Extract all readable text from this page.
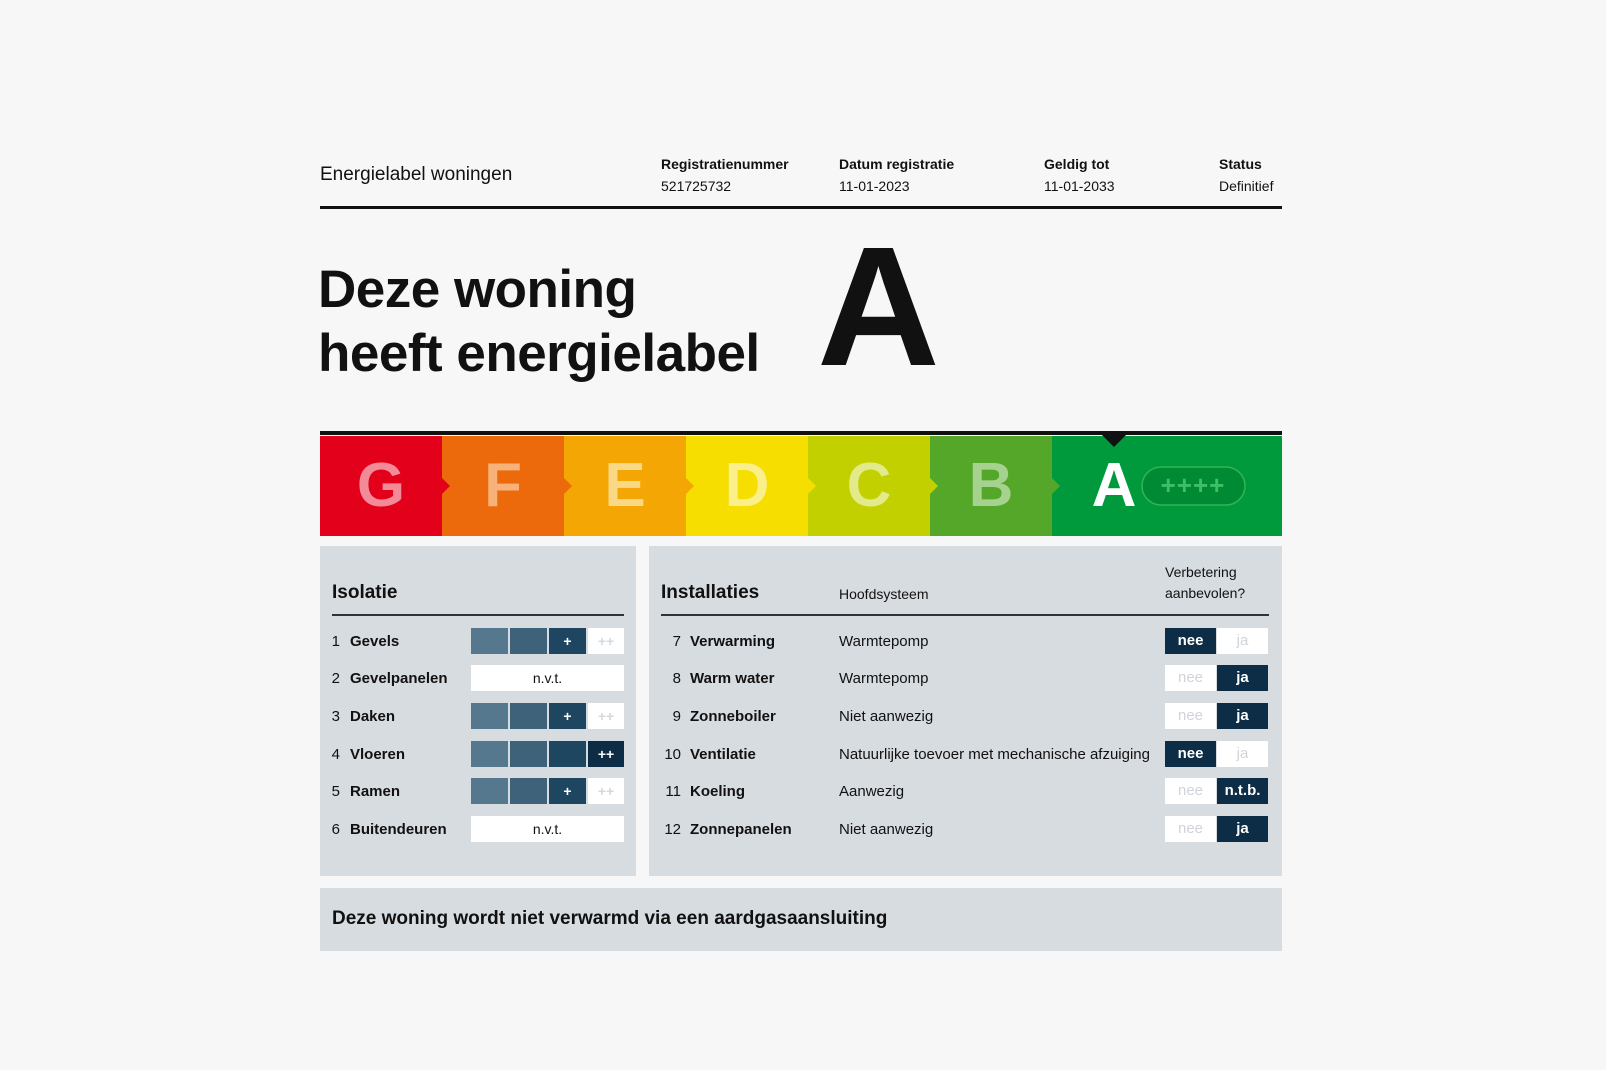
Energielabel woningen	Registratienummer
521725732
Datum registratie
11-01-2023
Geldig tot
11-01-2033
Status
Definitief
Deze woning
heeft energielabel A
G F E D C B A ++++
Isolatie
1 Gevels	+	++
2 Gevelpanelen	n.v.t.
3 Daken	+	++
4 Vloeren	++
5 Ramen	+	++
6 Buitendeuren	n.v.t.
Installaties	Hoofdsysteem
Verbetering
aanbevolen?
7 Verwarming	Warmtepomp	nee	ja
8 Warm water	Warmtepomp	nee	ja
9 Zonneboiler	Niet aanwezig	nee	ja
10 Ventilatie	Natuurlijke toevoer met mechanische afzuiging	nee	ja
11 Koeling	Aanwezig	nee	n.t.b.
12 Zonnepanelen	Niet aanwezig	nee	ja
Deze woning wordt niet verwarmd via een aardgasaansluiting
